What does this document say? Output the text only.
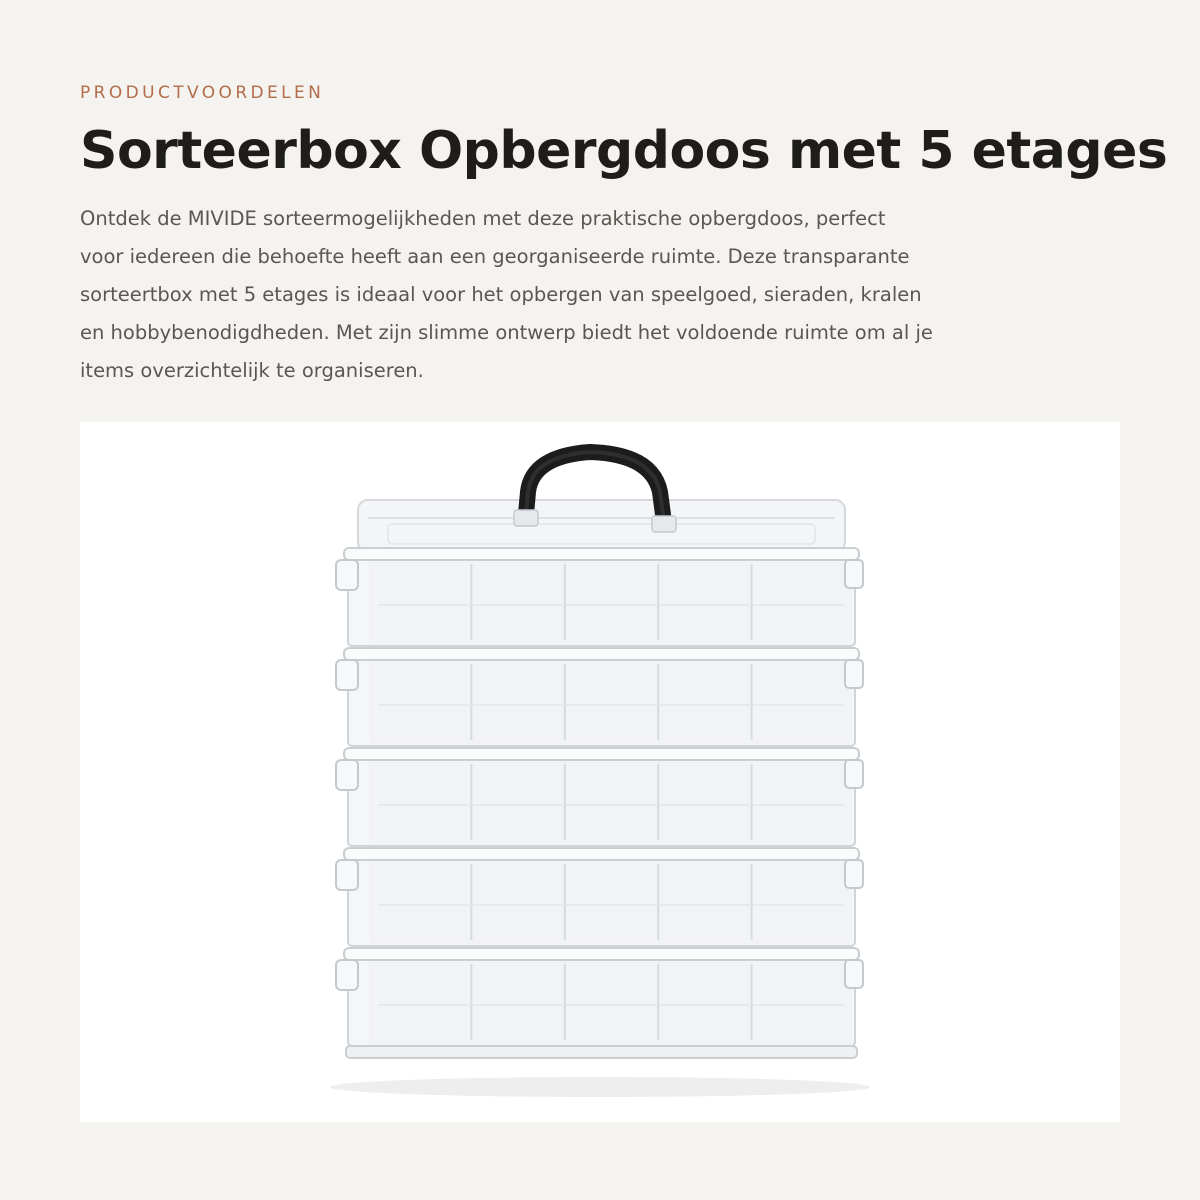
PRODUCTVOORDELEN

Sorteerbox Opbergdoos met 5 etages

Ontdek de MIVIDE sorteermogelijkheden met deze praktische opbergdoos, perfect
voor iedereen die behoefte heeft aan een georganiseerde ruimte. Deze transparante
sorteertbox met 5 etages is ideaal voor het opbergen van speelgoed, sieraden, kralen
en hobbybenodigdheden. Met zijn slimme ontwerp biedt het voldoende ruimte om al je
items overzichtelijk te organiseren.
